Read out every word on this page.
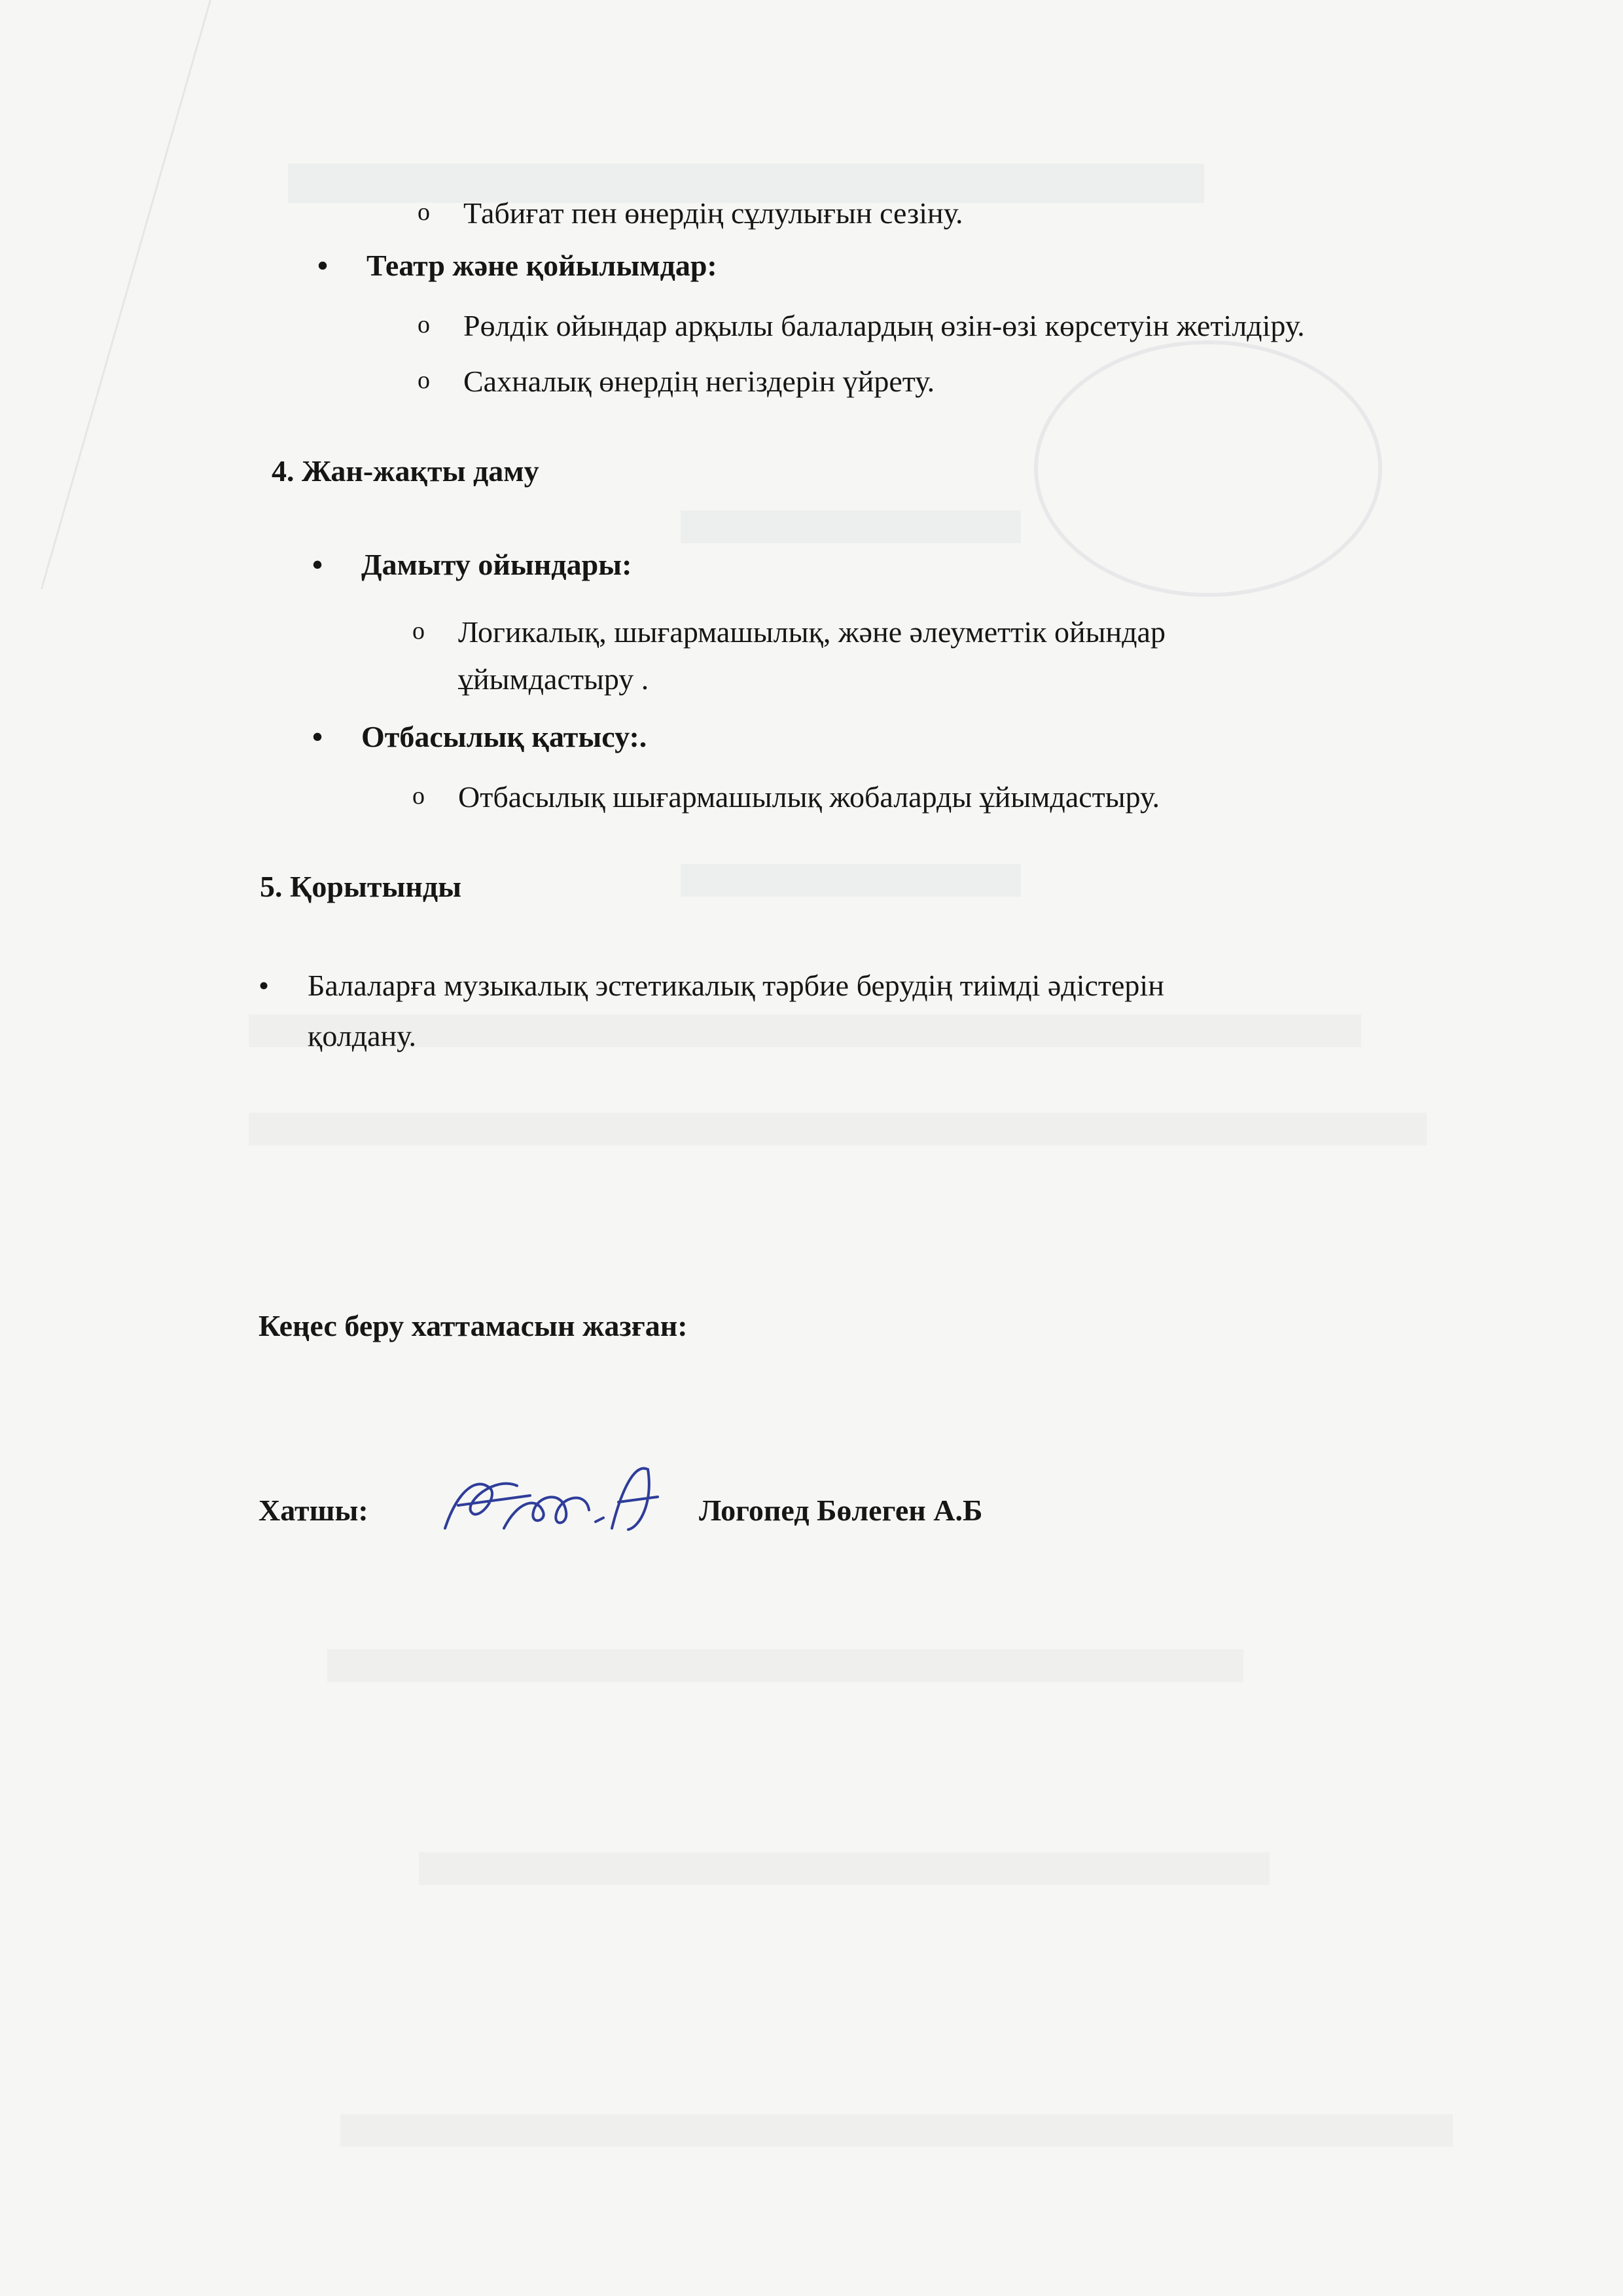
o Табиғат пен өнердің сұлулығын сезіну.
• Театр және қойылымдар:
o Рөлдік ойындар арқылы балалардың өзін-өзі көрсетуін жетілдіру.
o Сахналық өнердің негіздерін үйрету.
4. Жан-жақты даму
• Дамыту ойындары:
o Логикалық, шығармашылық, және әлеуметтік ойындар
ұйымдастыру .
• Отбасылық қатысу:.
o Отбасылық шығармашылық жобаларды ұйымдастыру.
5. Қорытынды
• Балаларға музыкалық эстетикалық тәрбие берудің тиімді әдістерін
қолдану.
Кеңес беру хаттамасын жазған:
Хатшы:	Логопед Бөлеген А.Б
